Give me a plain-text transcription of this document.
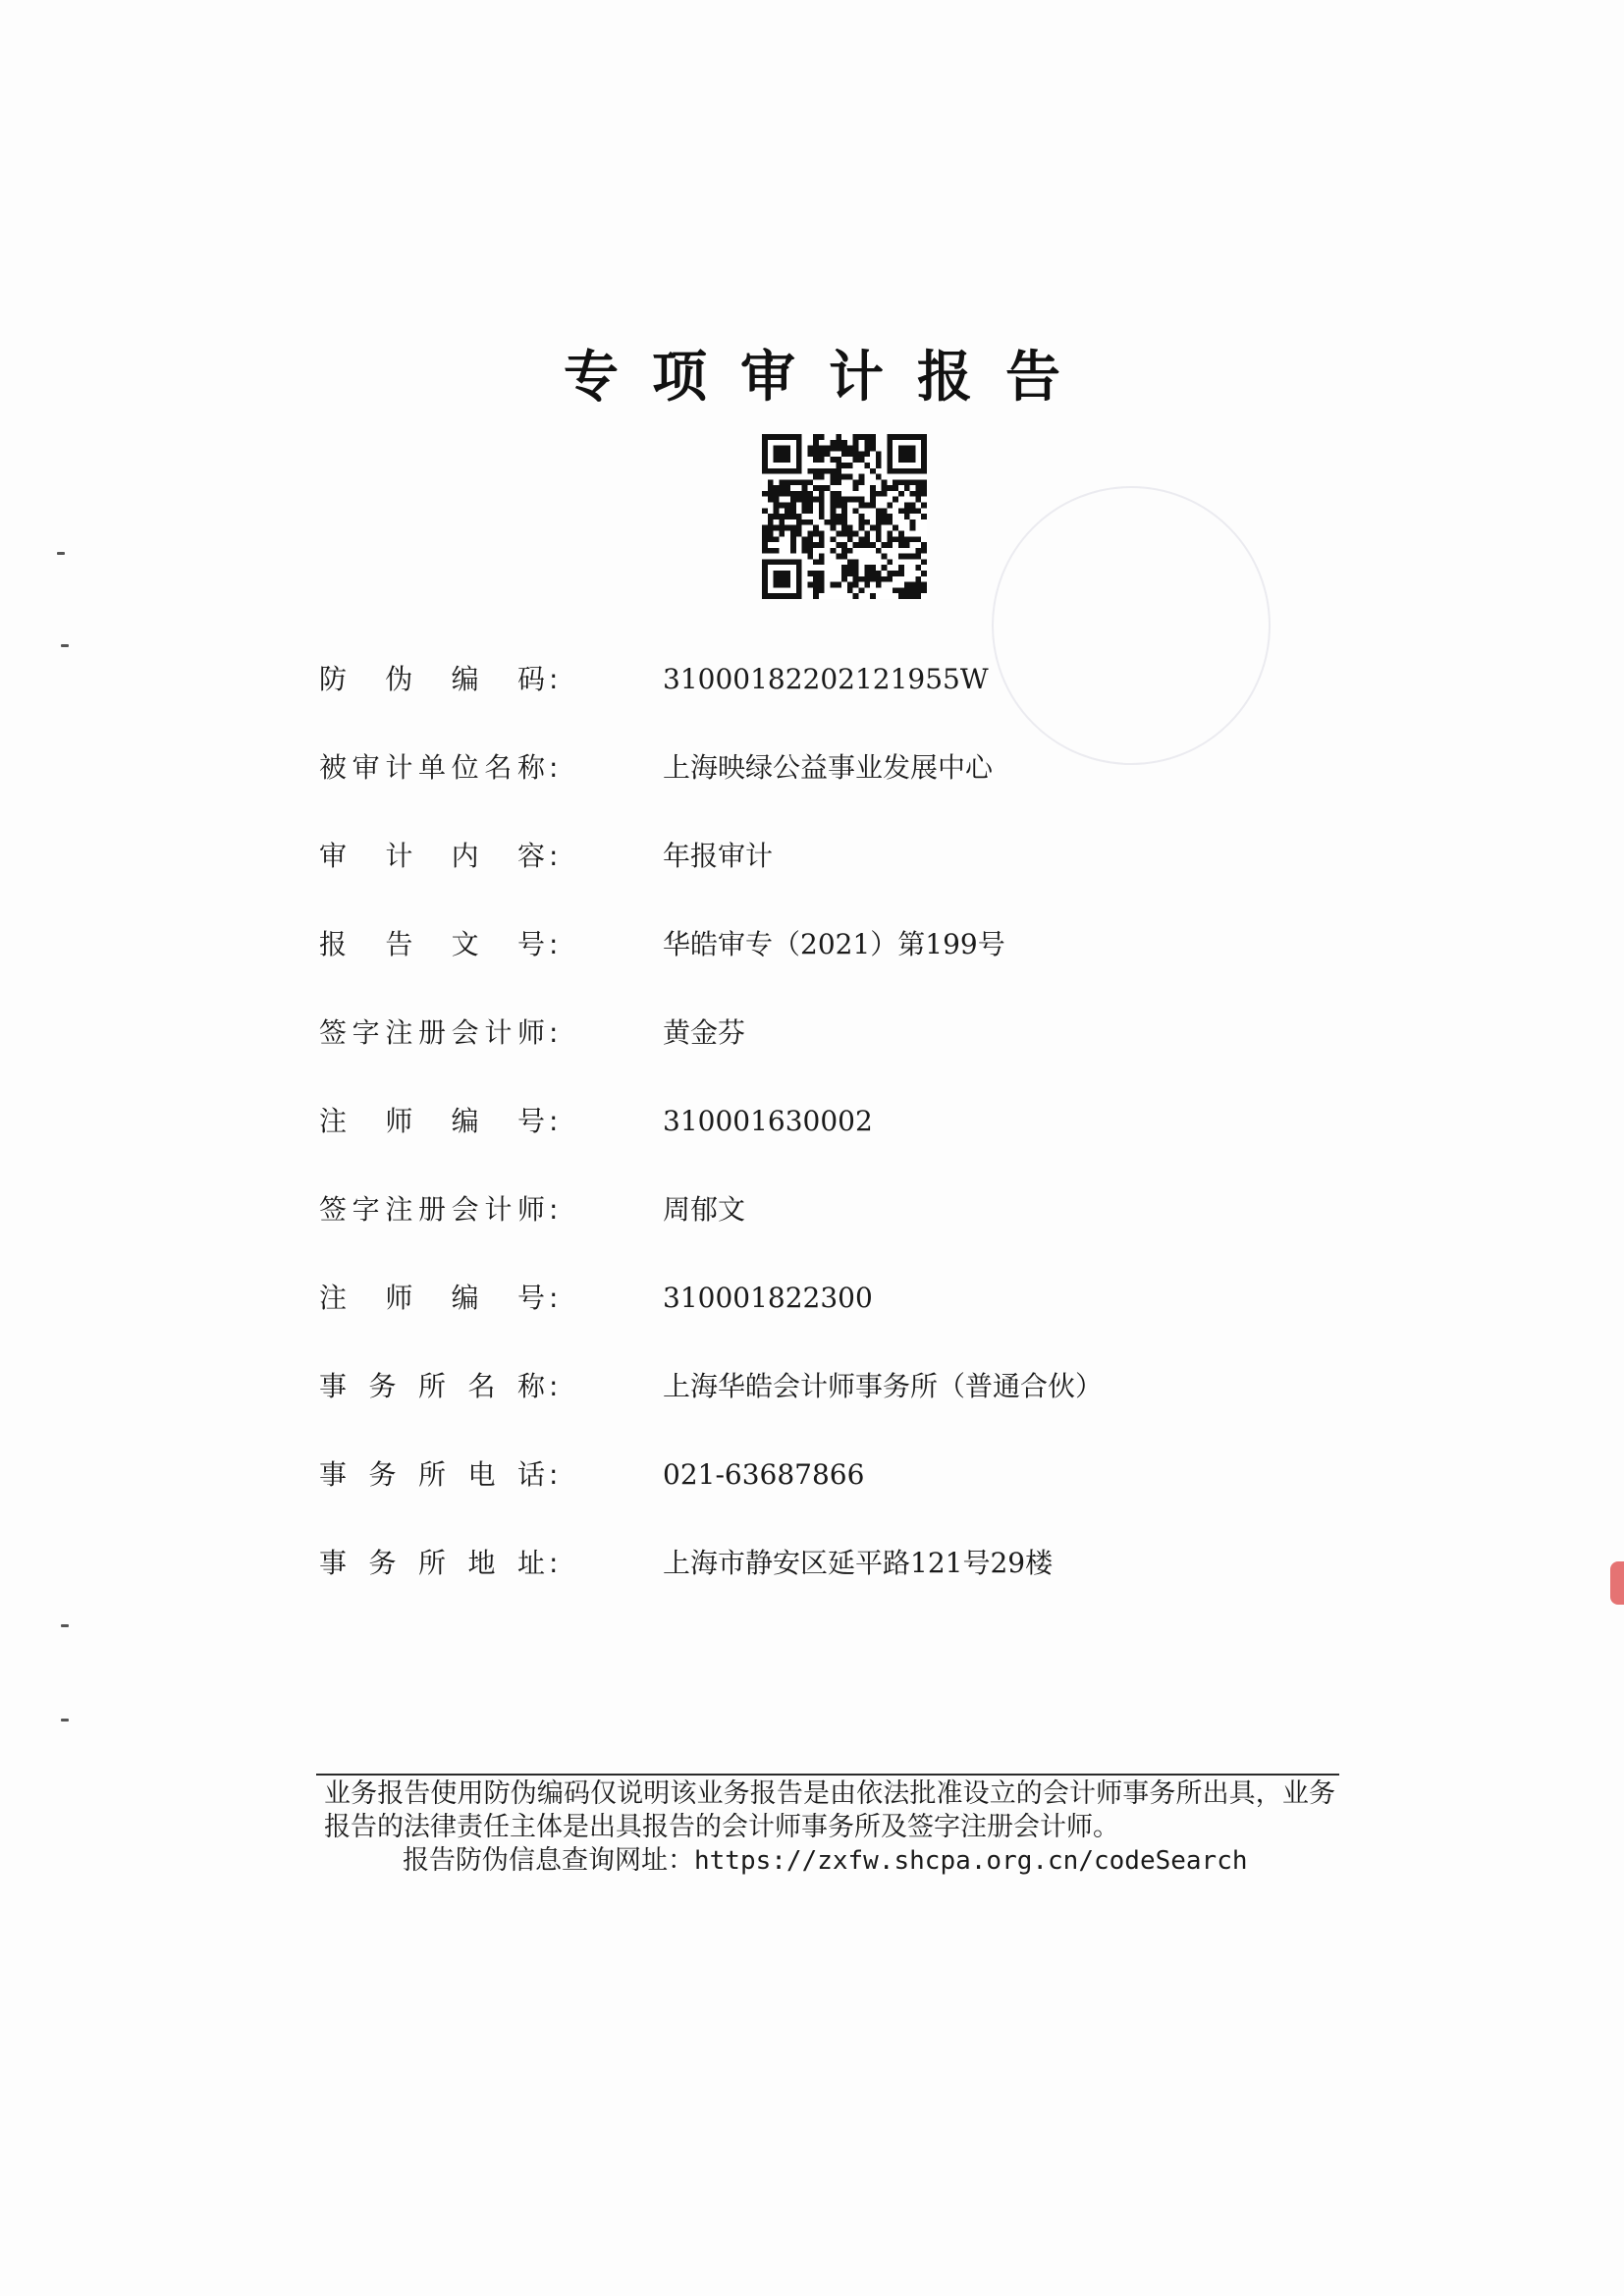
专项审计报告
防伪编码 :	31000182202121955W
被审计单位名称 :	上海映绿公益事业发展中心
审计内容 :	年报审计
报告文号 :	华皓审专（2021）第199号
签字注册会计师 :	黄金芬
注师编号 :	310001630002
签字注册会计师 :	周郁文
注师编号 :	310001822300
事务所名称 :	上海华皓会计师事务所（普通合伙）
事务所电话 :	021-63687866
事务所地址 :	上海市静安区延平路121号29楼
业务报告使用防伪编码仅说明该业务报告是由依法批准设立的会计师事务所出具，业务报告的法律责任主体是出具报告的会计师事务所及签字注册会计师。
报告防伪信息查询网址：https://zxfw.shcpa.org.cn/codeSearch
